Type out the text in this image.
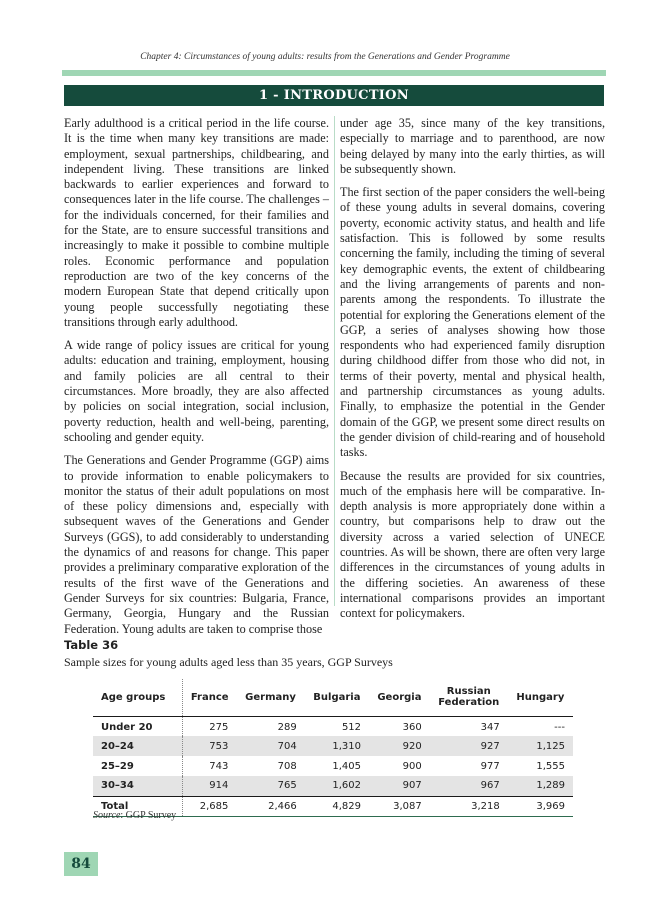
Chapter 4: Circumstances of young adults: results from the Generations and Gender Programme
1 - INTRODUCTION

Early adulthood is a critical period in the life course. It is the time when many key transitions are made: employment, sexual partnerships, childbearing, and independent living. These transitions are linked backwards to earlier experiences and forward to consequences later in the life course. The challenges – for the individuals concerned, for their families and for the State, are to ensure successful transitions and increasingly to make it possible to combine multiple roles. Economic performance and population reproduction are two of the key concerns of the modern European State that depend critically upon young people successfully negotiating these transitions through early adulthood.

A wide range of policy issues are critical for young adults: education and training, employment, housing and family policies are all central to their circumstances. More broadly, they are also affected by policies on social integration, social inclusion, poverty reduction, health and well-being, parenting, schooling and gender equity.

The Generations and Gender Programme (GGP) aims to provide information to enable policymakers to monitor the status of their adult populations on most of these policy dimensions and, especially with subsequent waves of the Generations and Gender Surveys (GGS), to add considerably to understanding the dynamics of and reasons for change. This paper provides a preliminary comparative exploration of the results of the first wave of the Generations and Gender Surveys for six countries: Bulgaria, France, Germany, Georgia, Hungary and the Russian Federation. Young adults are taken to comprise those

under age 35, since many of the key transitions, especially to marriage and to parenthood, are now being delayed by many into the early thirties, as will be subsequently shown.

The first section of the paper considers the well-being of these young adults in several domains, covering poverty, economic activity status, and health and life satisfaction. This is followed by some results concerning the family, including the timing of several key demographic events, the extent of childbearing and the living arrangements of parents and non-parents among the respondents. To illustrate the potential for exploring the Generations element of the GGP, a series of analyses showing how those respondents who had experienced family disruption during childhood differ from those who did not, in terms of their poverty, mental and physical health, and partnership circumstances as young adults. Finally, to emphasize the potential in the Gender domain of the GGP, we present some direct results on the gender division of child-rearing and of household tasks.

Because the results are provided for six countries, much of the emphasis here will be comparative. In-depth analysis is more appropriately done within a country, but comparisons help to draw out the diversity across a varied selection of UNECE countries. As will be shown, there are often very large differences in the circumstances of young adults in the differing societies. An awareness of these international comparisons provides an important context for policymakers.

Table 36
Sample sizes for young adults aged less than 35 years, GGP Surveys
Age groups	France	Germany	Bulgaria	Georgia	Russian Federation	Hungary
Under 20	275	289	512	360	347	---
20–24	753	704	1,310	920	927	1,125
25–29	743	708	1,405	900	977	1,555
30–34	914	765	1,602	907	967	1,289
Total	2,685	2,466	4,829	3,087	3,218	3,969
Source: GGP Survey
84
